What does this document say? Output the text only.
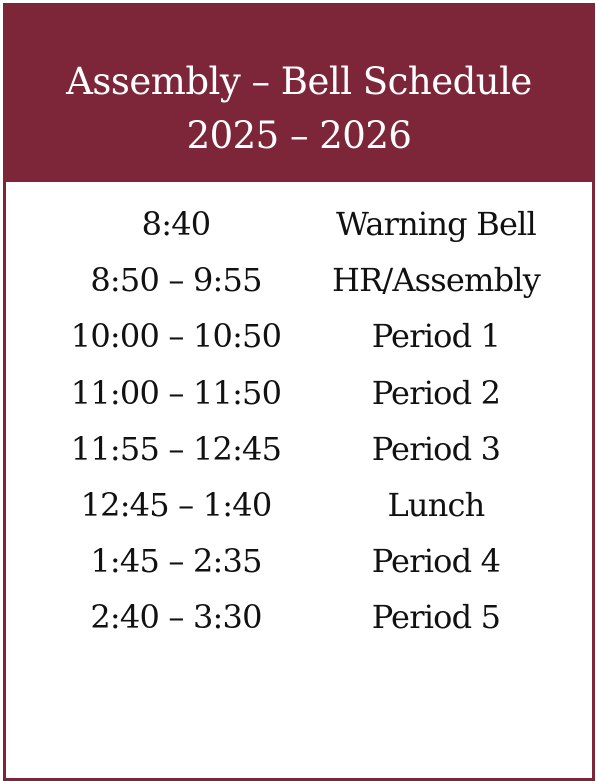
Assembly – Bell Schedule
2025 – 2026
8:40	Warning Bell
8:50 – 9:55	HR/Assembly
10:00 – 10:50	Period 1
11:00 – 11:50	Period 2
11:55 – 12:45	Period 3
12:45 – 1:40	Lunch
1:45 – 2:35	Period 4
2:40 – 3:30	Period 5
